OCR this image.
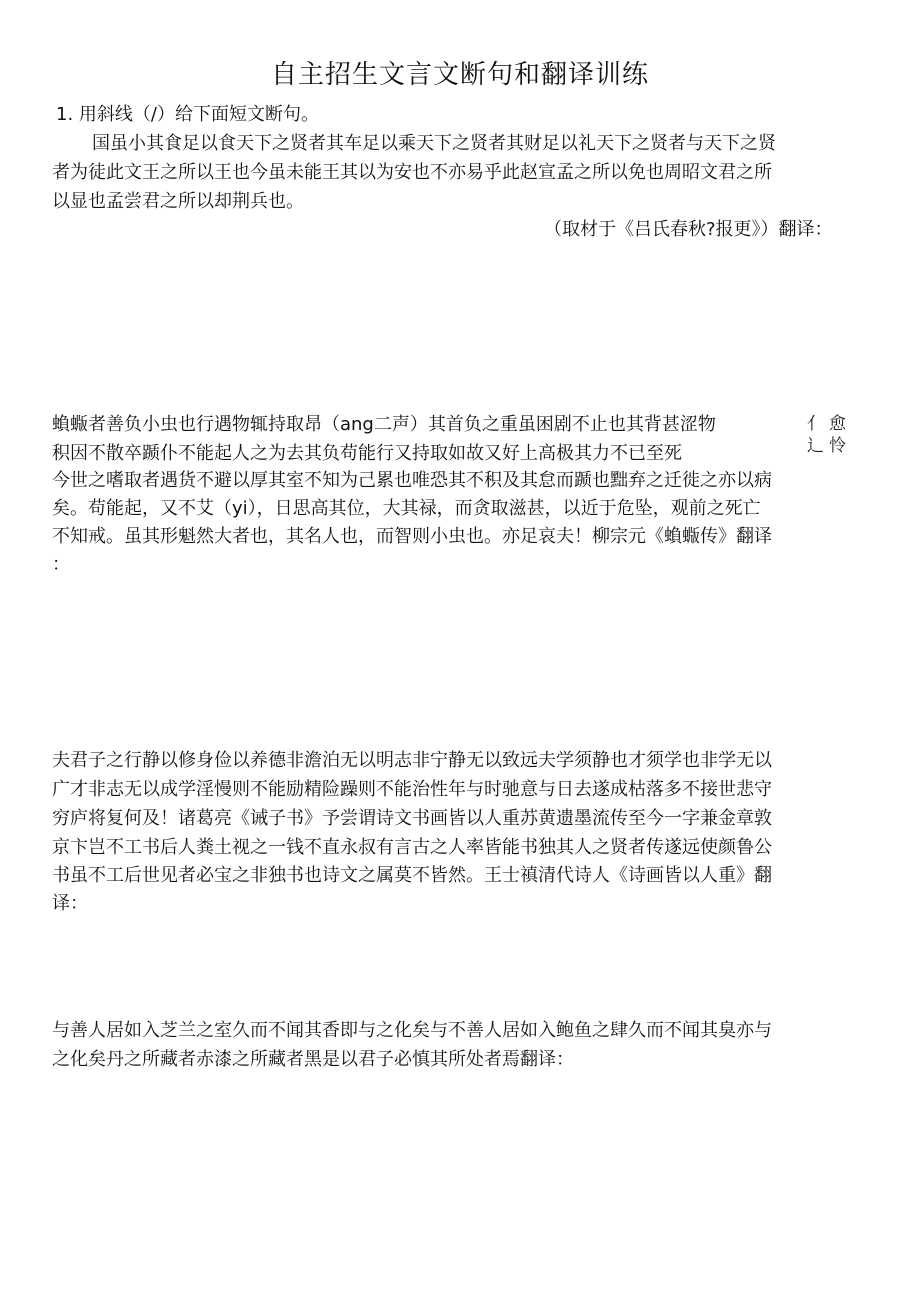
自主招生文言文断句和翻译训练
1. 用斜线（/）给下面短文断句。
国虽小其食足以食天下之贤者其车足以乘天下之贤者其财足以礼天下之贤者与天下之贤
者为徒此文王之所以王也今虽未能王其以为安也不亦易乎此赵宣孟之所以免也周昭文君之所
以显也孟尝君之所以却荆兵也。
（取材于《吕氏春秋?报更》）翻译：
蝜蝂者善负小虫也行遇物辄持取昂（ang二声）其首负之重虽困剧不止也其背甚涩物
积因不散卒踬仆不能起人之为去其负苟能行又持取如故又好上高极其力不已至死
亻 愈
辶 怜
今世之嗜取者遇货不避以厚其室不知为己累也唯恐其不积及其怠而踬也黜弃之迁徙之亦以病
矣。苟能起，又不艾（yi），日思高其位，大其禄，而贪取滋甚，以近于危坠，观前之死亡
不知戒。虽其形魁然大者也，其名人也，而智则小虫也。亦足哀夫！柳宗元《蝜蝂传》翻译
：
夫君子之行静以修身俭以养德非澹泊无以明志非宁静无以致远夫学须静也才须学也非学无以
广才非志无以成学淫慢则不能励精险躁则不能治性年与时驰意与日去遂成枯落多不接世悲守
穷庐将复何及！诸葛亮《诫子书》予尝谓诗文书画皆以人重苏黄遗墨流传至今一字兼金章敦
京卞岂不工书后人粪土视之一钱不直永叔有言古之人率皆能书独其人之贤者传遂远使颜鲁公
书虽不工后世见者必宝之非独书也诗文之属莫不皆然。王士禛清代诗人《诗画皆以人重》翻
译：
与善人居如入芝兰之室久而不闻其香即与之化矣与不善人居如入鲍鱼之肆久而不闻其臭亦与
之化矣丹之所藏者赤漆之所藏者黑是以君子必慎其所处者焉翻译：
